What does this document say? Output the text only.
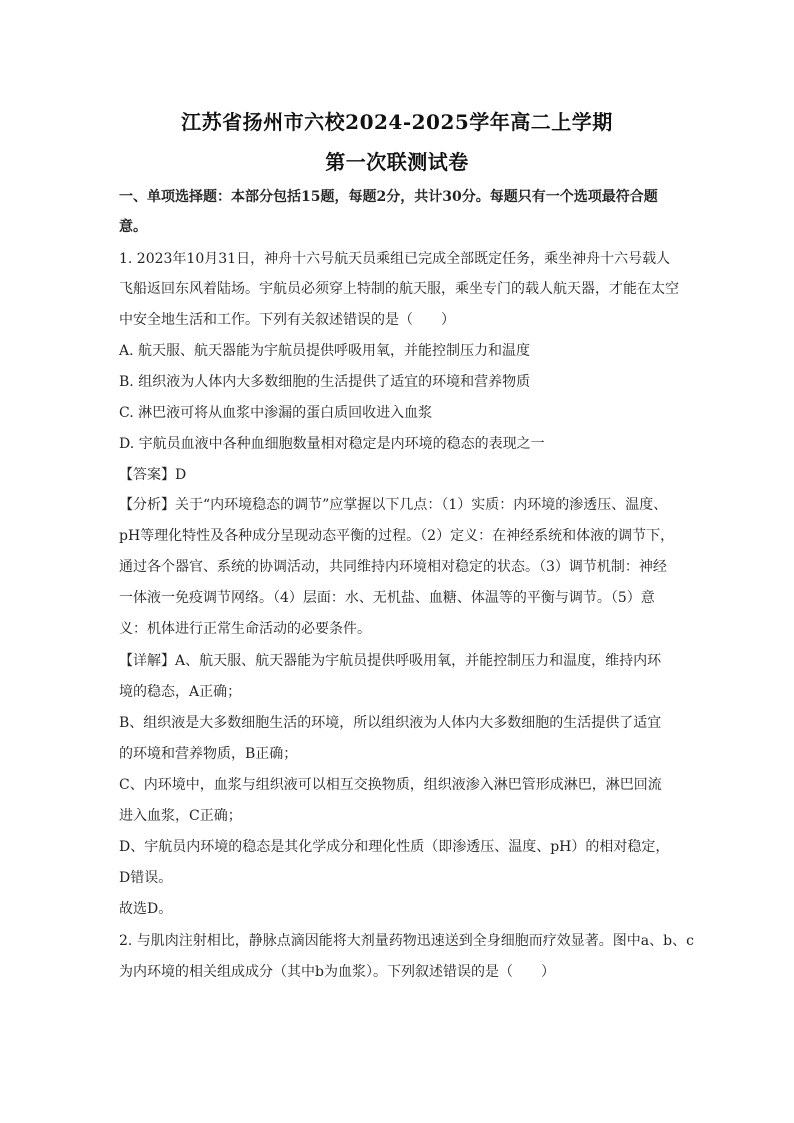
江苏省扬州市六校2024-2025学年高二上学期
第一次联测试卷
一、单项选择题：本部分包括15题，每题2分，共计30分。每题只有一个选项最符合题
意。
1. 2023年10月31日，神舟十六号航天员乘组已完成全部既定任务，乘坐神舟十六号载人
飞船返回东风着陆场。宇航员必须穿上特制的航天服，乘坐专门的载人航天器，才能在太空
中安全地生活和工作。下列有关叙述错误的是（　　）
A. 航天服、航天器能为宇航员提供呼吸用氧，并能控制压力和温度
B. 组织液为人体内大多数细胞的生活提供了适宜的环境和营养物质
C. 淋巴液可将从血浆中渗漏的蛋白质回收进入血浆
D. 宇航员血液中各种血细胞数量相对稳定是内环境的稳态的表现之一
【答案】D
【分析】关于“内环境稳态的调节”应掌握以下几点：（1）实质：内环境的渗透压、温度、
pH等理化特性及各种成分呈现动态平衡的过程。（2）定义：在神经系统和体液的调节下，
通过各个器官、系统的协调活动，共同维持内环境相对稳定的状态。（3）调节机制：神经
一体液一免疫调节网络。（4）层面：水、无机盐、血糖、体温等的平衡与调节。（5）意
义：机体进行正常生命活动的必要条件。
【详解】A、航天服、航天器能为宇航员提供呼吸用氧，并能控制压力和温度，维持内环
境的稳态，A正确；
B、组织液是大多数细胞生活的环境，所以组织液为人体内大多数细胞的生活提供了适宜
的环境和营养物质，B正确；
C、内环境中，血浆与组织液可以相互交换物质，组织液渗入淋巴管形成淋巴，淋巴回流
进入血浆，C正确；
D、宇航员内环境的稳态是其化学成分和理化性质（即渗透压、温度、pH）的相对稳定，
D错误。
故选D。
2. 与肌肉注射相比，静脉点滴因能将大剂量药物迅速送到全身细胞而疗效显著。图中a、b、c
为内环境的相关组成成分（其中b为血浆）。下列叙述错误的是（　　）
